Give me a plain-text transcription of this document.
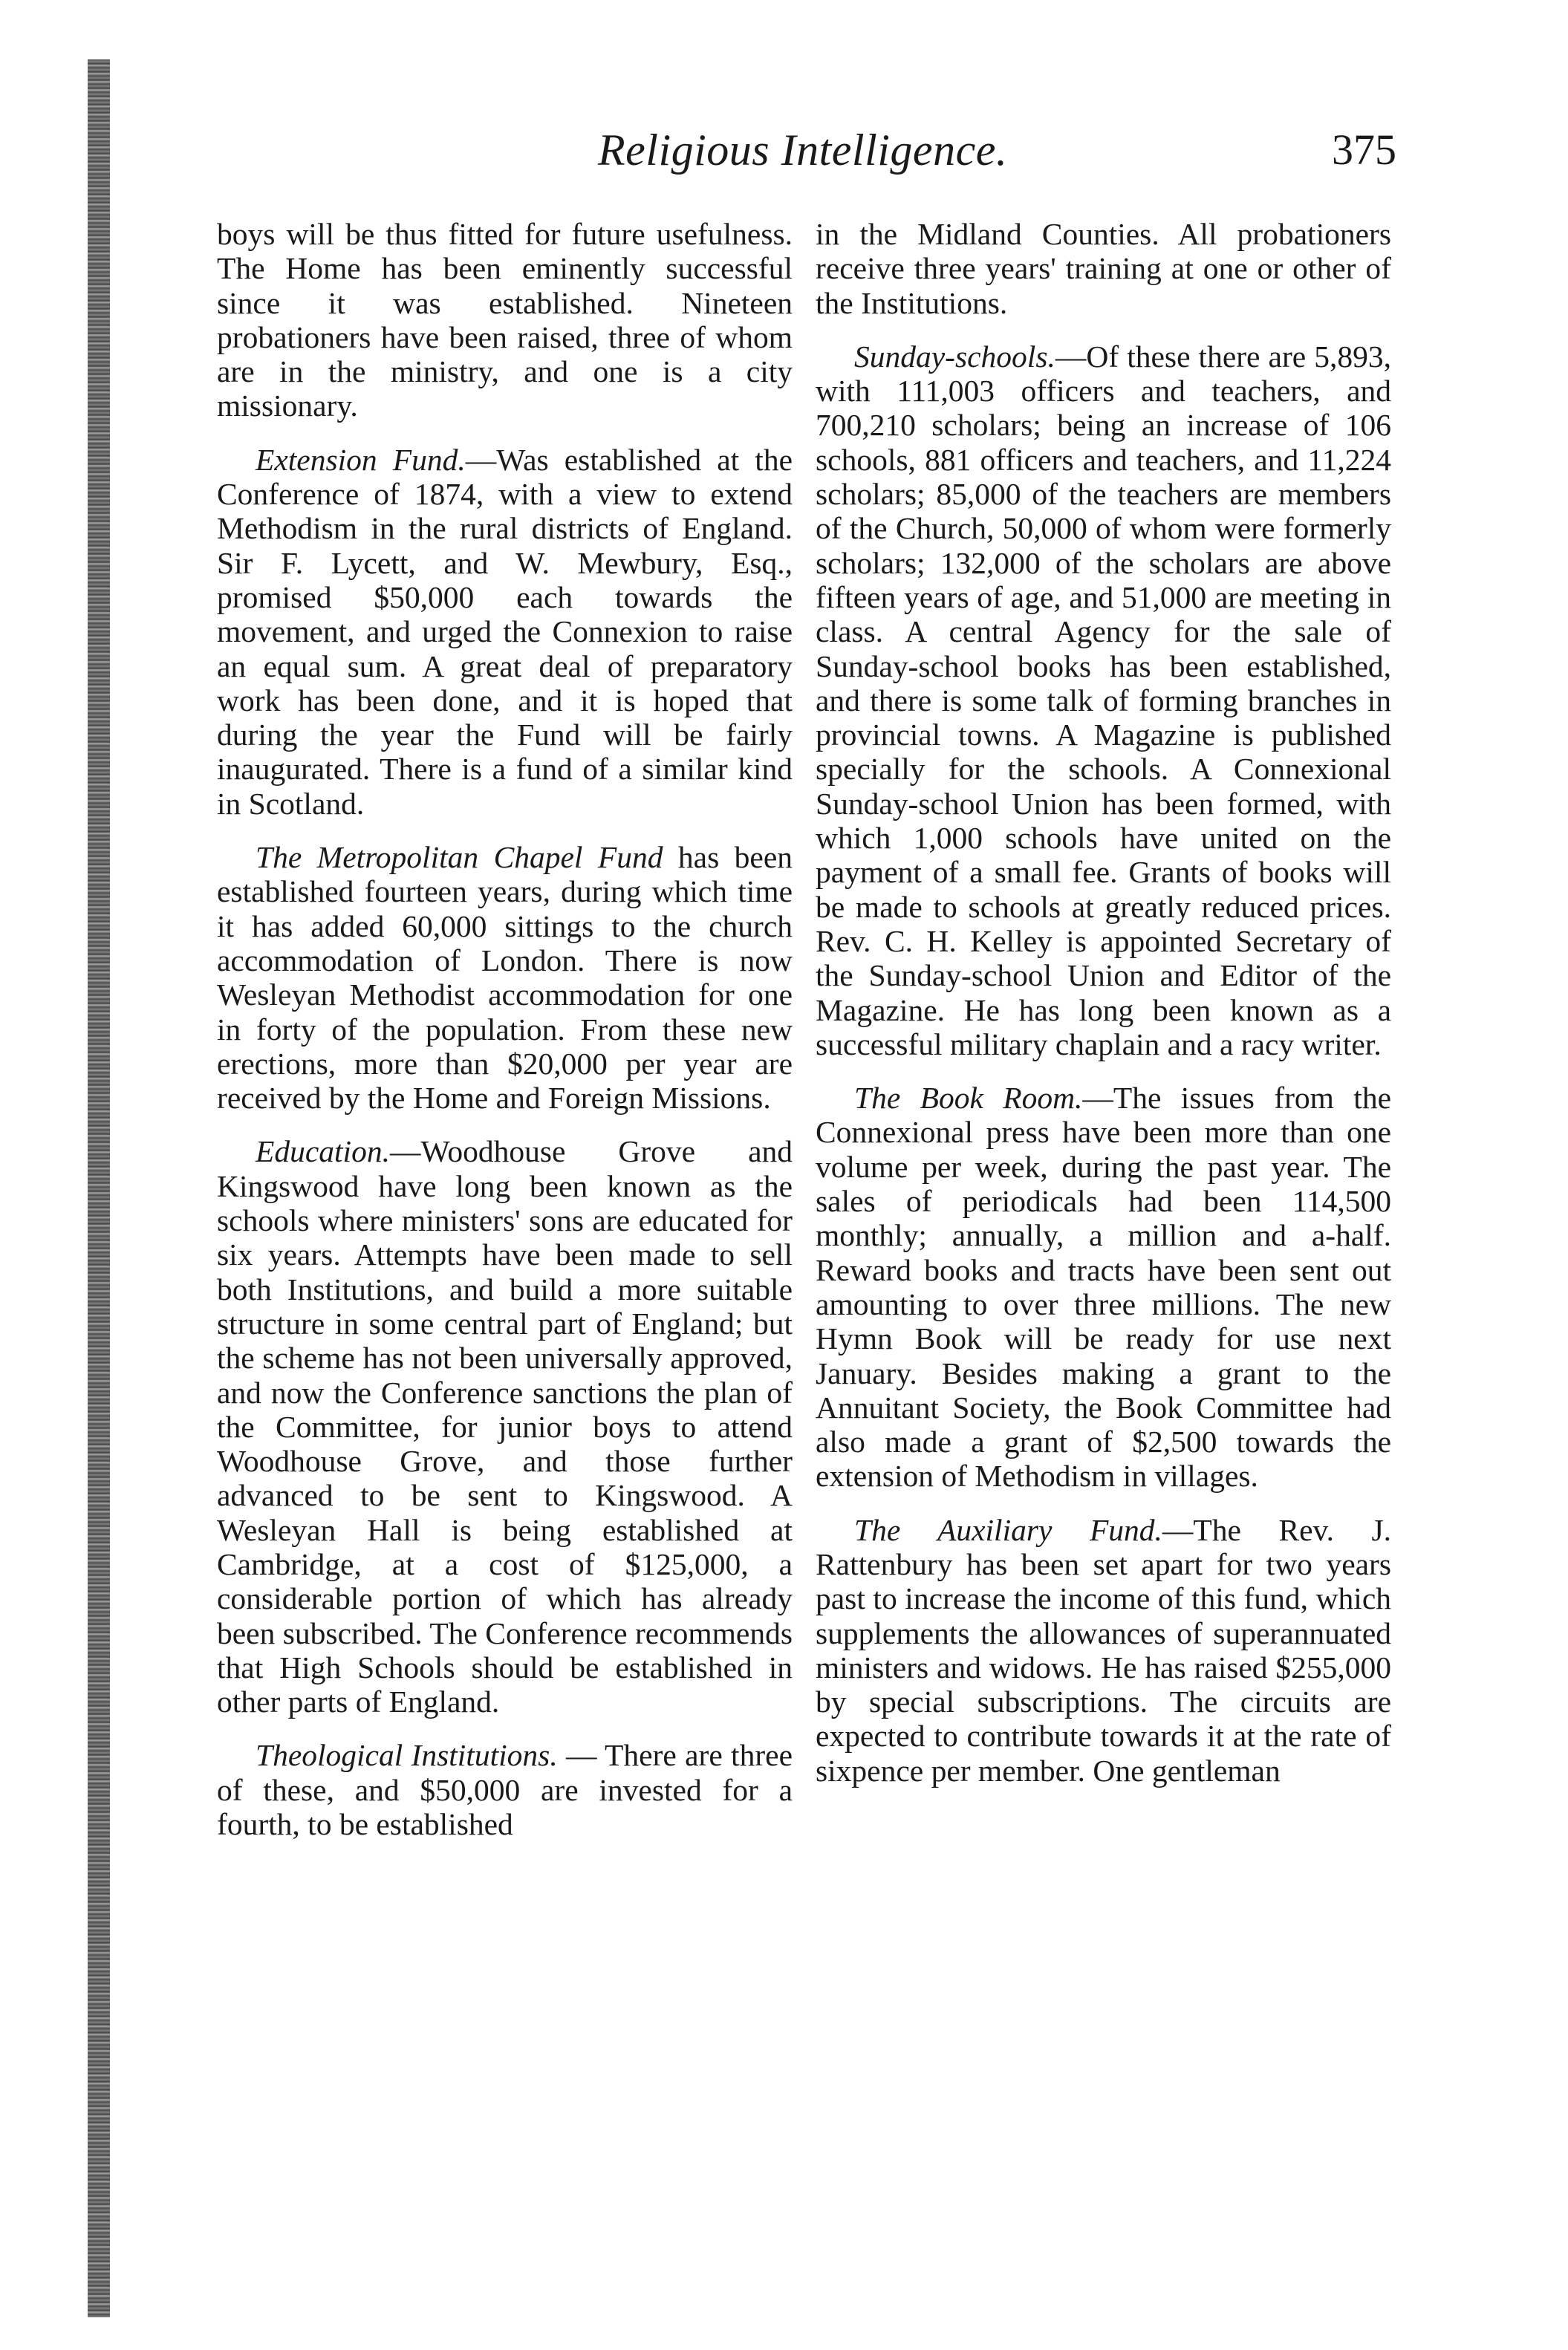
Religious Intelligence.	375

boys will be thus fitted for future usefulness. The Home has been eminently successful since it was established. Nineteen probationers have been raised, three of whom are in the ministry, and one is a city missionary.

Extension Fund.—Was established at the Conference of 1874, with a view to extend Methodism in the rural districts of England. Sir F. Lycett, and W. Mewbury, Esq., promised $50,000 each towards the movement, and urged the Connexion to raise an equal sum. A great deal of preparatory work has been done, and it is hoped that during the year the Fund will be fairly inaugurated. There is a fund of a similar kind in Scotland.

The Metropolitan Chapel Fund has been established fourteen years, during which time it has added 60,000 sittings to the church accommodation of London. There is now Wesleyan Methodist accommodation for one in forty of the population. From these new erections, more than $20,000 per year are received by the Home and Foreign Missions.

Education.—Woodhouse Grove and Kingswood have long been known as the schools where ministers' sons are educated for six years. Attempts have been made to sell both Institutions, and build a more suitable structure in some central part of England; but the scheme has not been universally approved, and now the Conference sanctions the plan of the Committee, for junior boys to attend Woodhouse Grove, and those further advanced to be sent to Kingswood. A Wesleyan Hall is being established at Cambridge, at a cost of $125,000, a considerable portion of which has already been subscribed. The Conference recommends that High Schools should be established in other parts of England.

Theological Institutions. — There are three of these, and $50,000 are invested for a fourth, to be established

in the Midland Counties. All probationers receive three years' training at one or other of the Institutions.

Sunday-schools.—Of these there are 5,893, with 111,003 officers and teachers, and 700,210 scholars; being an increase of 106 schools, 881 officers and teachers, and 11,224 scholars; 85,000 of the teachers are members of the Church, 50,000 of whom were formerly scholars; 132,000 of the scholars are above fifteen years of age, and 51,000 are meeting in class. A central Agency for the sale of Sunday-school books has been established, and there is some talk of forming branches in provincial towns. A Magazine is published specially for the schools. A Connexional Sunday-school Union has been formed, with which 1,000 schools have united on the payment of a small fee. Grants of books will be made to schools at greatly reduced prices. Rev. C. H. Kelley is appointed Secretary of the Sunday-school Union and Editor of the Magazine. He has long been known as a successful military chaplain and a racy writer.

The Book Room.—The issues from the Connexional press have been more than one volume per week, during the past year. The sales of periodicals had been 114,500 monthly; annually, a million and a-half. Reward books and tracts have been sent out amounting to over three millions. The new Hymn Book will be ready for use next January. Besides making a grant to the Annuitant Society, the Book Committee had also made a grant of $2,500 towards the extension of Methodism in villages.

The Auxiliary Fund.—The Rev. J. Rattenbury has been set apart for two years past to increase the income of this fund, which supplements the allowances of superannuated ministers and widows. He has raised $255,000 by special subscriptions. The circuits are expected to contribute towards it at the rate of sixpence per member. One gentleman
